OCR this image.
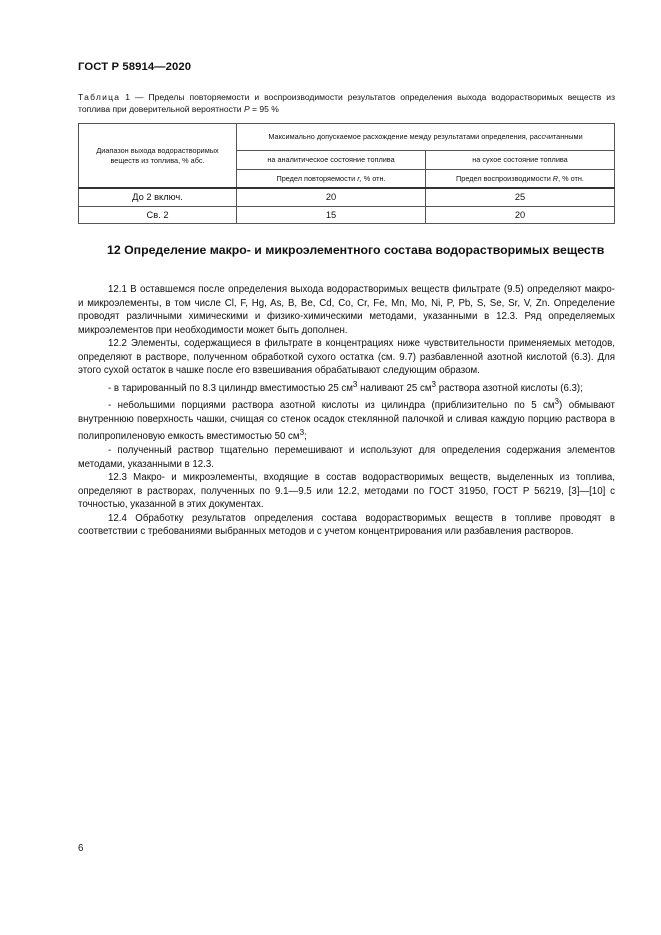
ГОСТ Р 58914—2020
Таблица 1 — Пределы повторяемости и воспроизводимости результатов определения выхода водорастворимых веществ из топлива при доверительной вероятности P = 95 %
Диапазон выхода водорастворимых веществ из топлива, % абс.	Максимально допускаемое расхождение между результатами определения, рассчитанными	
	на аналитическое состояние топлива	на сухое состояние топлива
	Предел повторяемости r, % отн.	Предел воспроизводимости R, % отн.
До 2 включ.	20	25
Св. 2	15	20
12 Определение макро- и микроэлементного состава водорастворимых веществ

12.1 В оставшемся после определения выхода водорастворимых веществ фильтрате (9.5) определяют макро- и микроэлементы, в том числе Cl, F, Hg, As, B, Be, Cd, Co, Cr, Fe, Mn, Mo, Ni, P, Pb, S, Se, Sr, V, Zn. Определение проводят различными химическими и физико-химическими методами, указанными в 12.3. Ряд определяемых микроэлементов при необходимости может быть дополнен.

12.2 Элементы, содержащиеся в фильтрате в концентрациях ниже чувствительности применяемых методов, определяют в растворе, полученном обработкой сухого остатка (см. 9.7) разбавленной азотной кислотой (6.3). Для этого сухой остаток в чашке после его взвешивания обрабатывают следующим образом.

- в тарированный по 8.3 цилиндр вместимостью 25 $см^3$ наливают 25 $см^3$ раствора азотной кислоты (6.3);

- небольшими порциями раствора азотной кислоты из цилиндра (приблизительно по 5 $см^3$) обмывают внутреннюю поверхность чашки, счищая со стенок осадок стеклянной палочкой и сливая каждую порцию раствора в полипропиленовую емкость вместимостью 50 $см^3$;

- полученный раствор тщательно перемешивают и используют для определения содержания элементов методами, указанными в 12.3.

12.3 Макро- и микроэлементы, входящие в состав водорастворимых веществ, выделенных из топлива, определяют в растворах, полученных по 9.1—9.5 или 12.2, методами по ГОСТ 31950, ГОСТ Р 56219, [3]—[10] с точностью, указанной в этих документах.

12.4 Обработку результатов определения состава водорастворимых веществ в топливе проводят в соответствии с требованиями выбранных методов и с учетом концентрирования или разбавления растворов.

6
